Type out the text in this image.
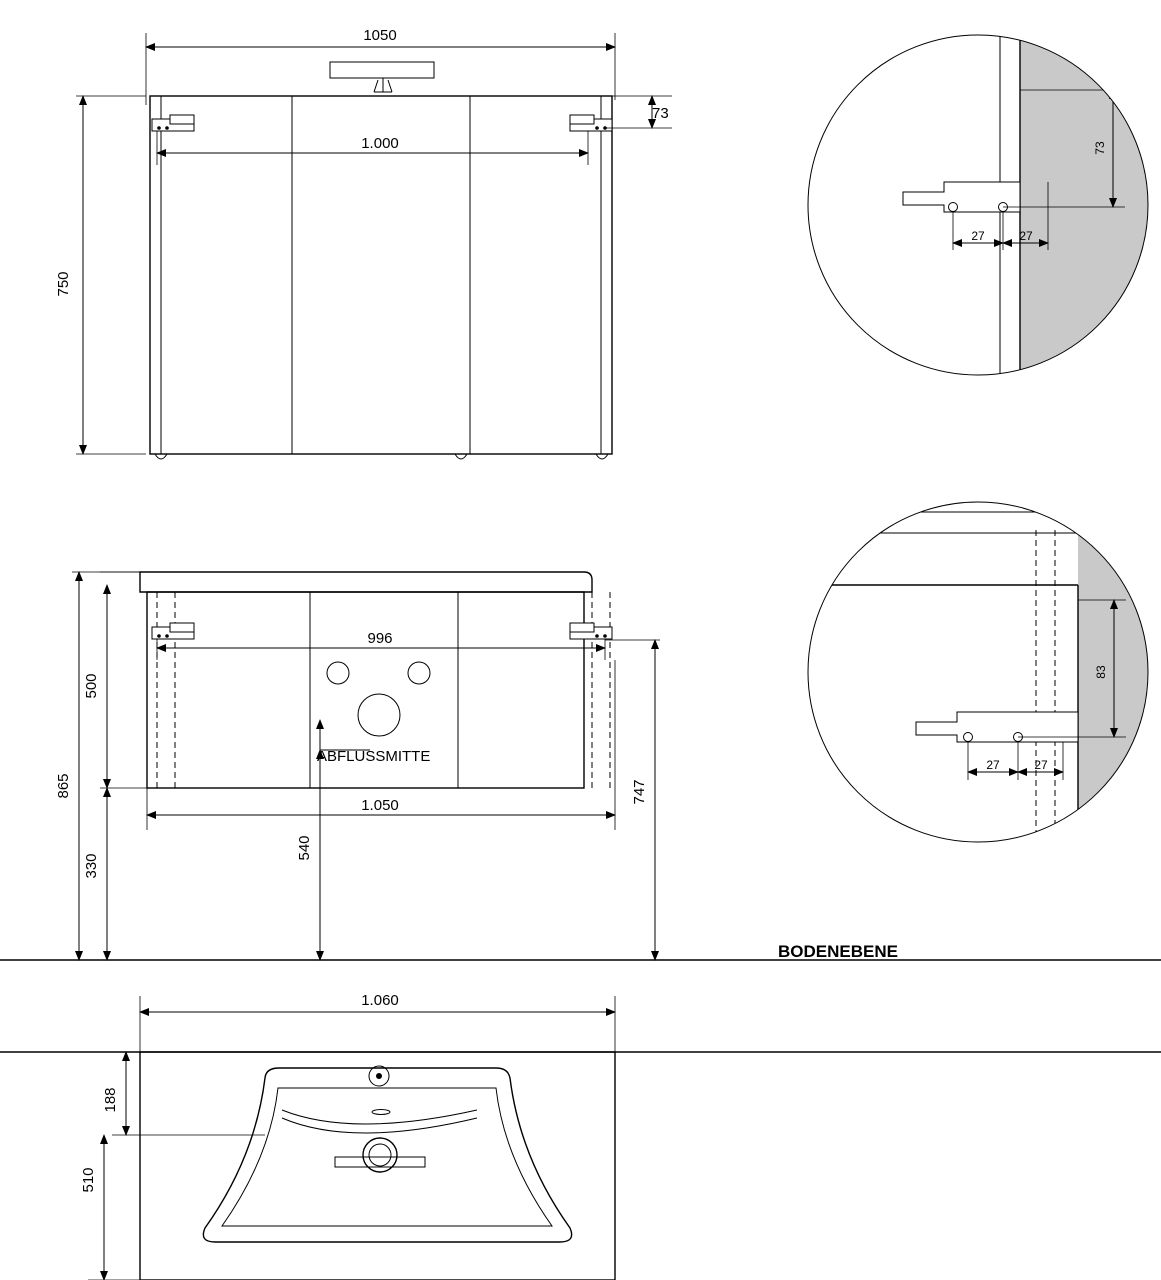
1050
1.000
750
73
996
1.050
500
865
330
540
747
ABFLUSSMITTE
BODENEBENE
1.060
188
510
73
27	27
83
27	27
